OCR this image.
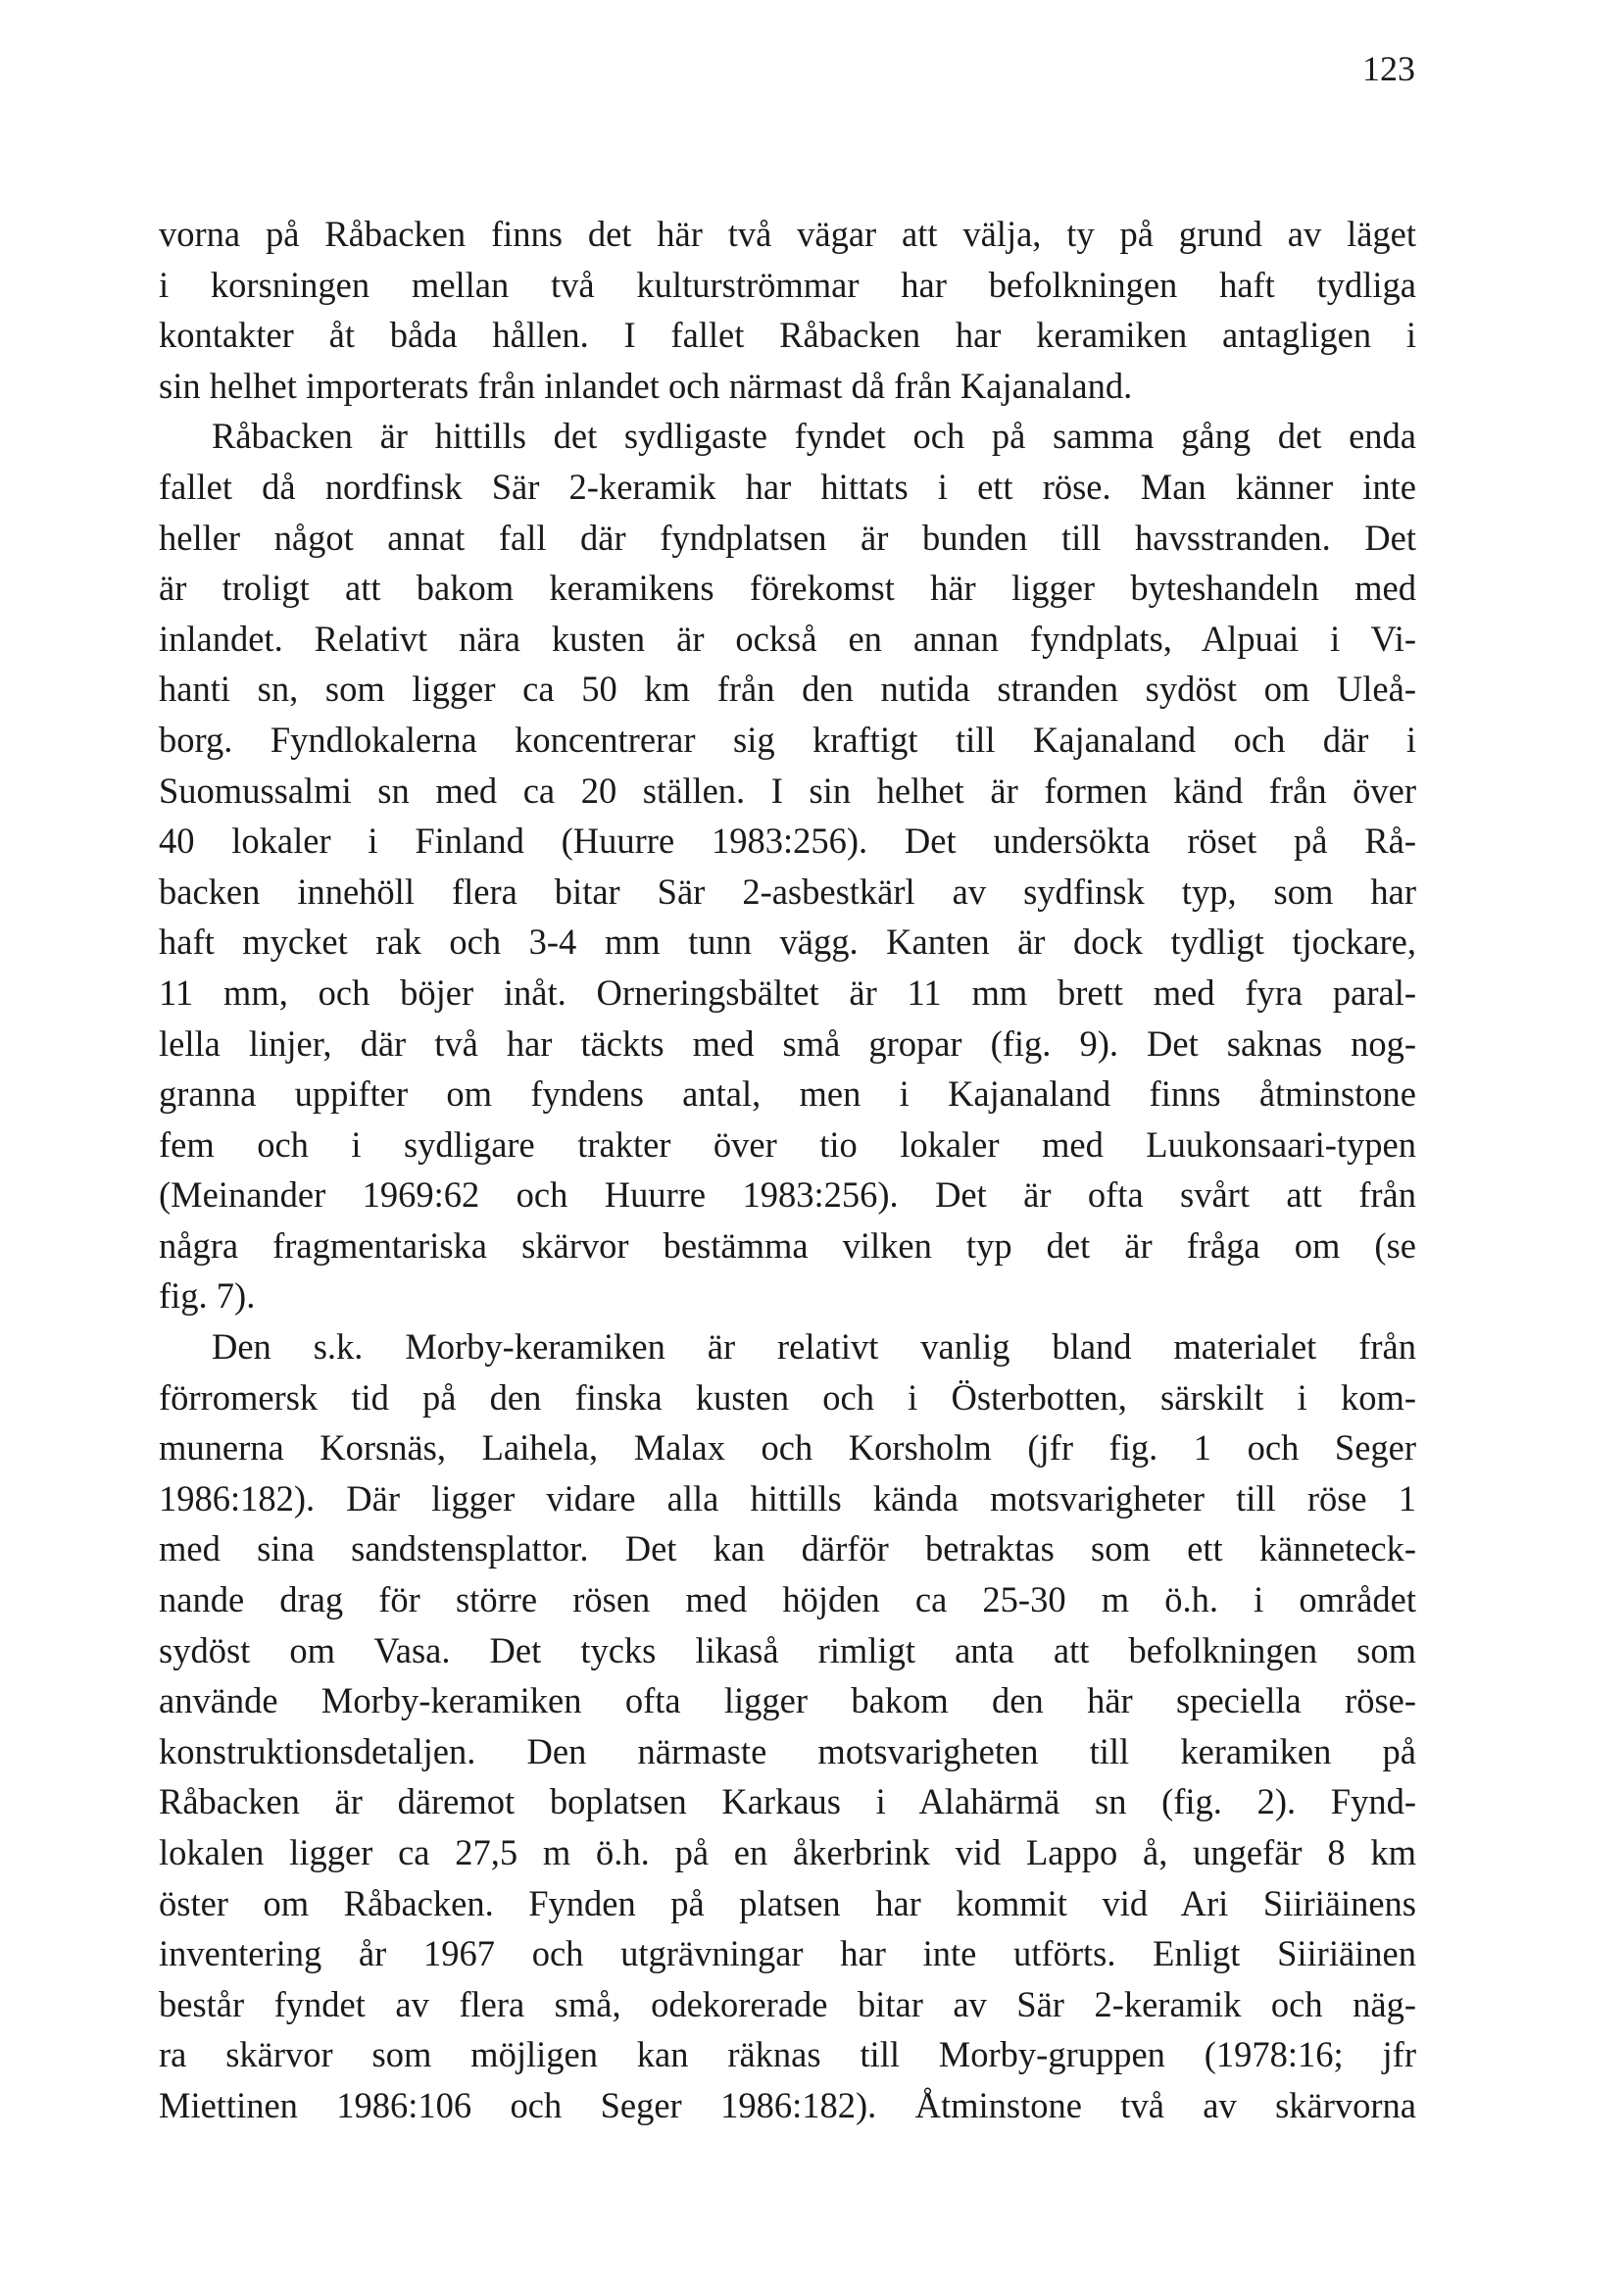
123
vorna på Råbacken finns det här två vägar att välja, ty på grund av läget
i korsningen mellan två kulturströmmar har befolkningen haft tydliga
kontakter åt båda hållen. I fallet Råbacken har keramiken antagligen i
sin helhet importerats från inlandet och närmast då från Kajanaland.
Råbacken är hittills det sydligaste fyndet och på samma gång det enda
fallet då nordfinsk Sär 2-keramik har hittats i ett röse. Man känner inte
heller något annat fall där fyndplatsen är bunden till havsstranden. Det
är troligt att bakom keramikens förekomst här ligger byteshandeln med
inlandet. Relativt nära kusten är också en annan fyndplats, Alpuai i Vi-
hanti sn, som ligger ca 50 km från den nutida stranden sydöst om Uleå-
borg. Fyndlokalerna koncentrerar sig kraftigt till Kajanaland och där i
Suomussalmi sn med ca 20 ställen. I sin helhet är formen känd från över
40 lokaler i Finland (Huurre 1983:256). Det undersökta röset på Rå-
backen innehöll flera bitar Sär 2-asbestkärl av sydfinsk typ, som har
haft mycket rak och 3-4 mm tunn vägg. Kanten är dock tydligt tjockare,
11 mm, och böjer inåt. Orneringsbältet är 11 mm brett med fyra paral-
lella linjer, där två har täckts med små gropar (fig. 9). Det saknas nog-
granna uppifter om fyndens antal, men i Kajanaland finns åtminstone
fem och i sydligare trakter över tio lokaler med Luukonsaari-typen
(Meinander 1969:62 och Huurre 1983:256). Det är ofta svårt att från
några fragmentariska skärvor bestämma vilken typ det är fråga om (se
fig. 7).
Den s.k. Morby-keramiken är relativt vanlig bland materialet från
förromersk tid på den finska kusten och i Österbotten, särskilt i kom-
munerna Korsnäs, Laihela, Malax och Korsholm (jfr fig. 1 och Seger
1986:182). Där ligger vidare alla hittills kända motsvarigheter till röse 1
med sina sandstensplattor. Det kan därför betraktas som ett känneteck-
nande drag för större rösen med höjden ca 25-30 m ö.h. i området
sydöst om Vasa. Det tycks likaså rimligt anta att befolkningen som
använde Morby-keramiken ofta ligger bakom den här speciella röse-
konstruktionsdetaljen. Den närmaste motsvarigheten till keramiken på
Råbacken är däremot boplatsen Karkaus i Alahärmä sn (fig. 2). Fynd-
lokalen ligger ca 27,5 m ö.h. på en åkerbrink vid Lappo å, ungefär 8 km
öster om Råbacken. Fynden på platsen har kommit vid Ari Siiriäinens
inventering år 1967 och utgrävningar har inte utförts. Enligt Siiriäinen
består fyndet av flera små, odekorerade bitar av Sär 2-keramik och näg-
ra skärvor som möjligen kan räknas till Morby-gruppen (1978:16; jfr
Miettinen 1986:106 och Seger 1986:182). Åtminstone två av skärvorna
